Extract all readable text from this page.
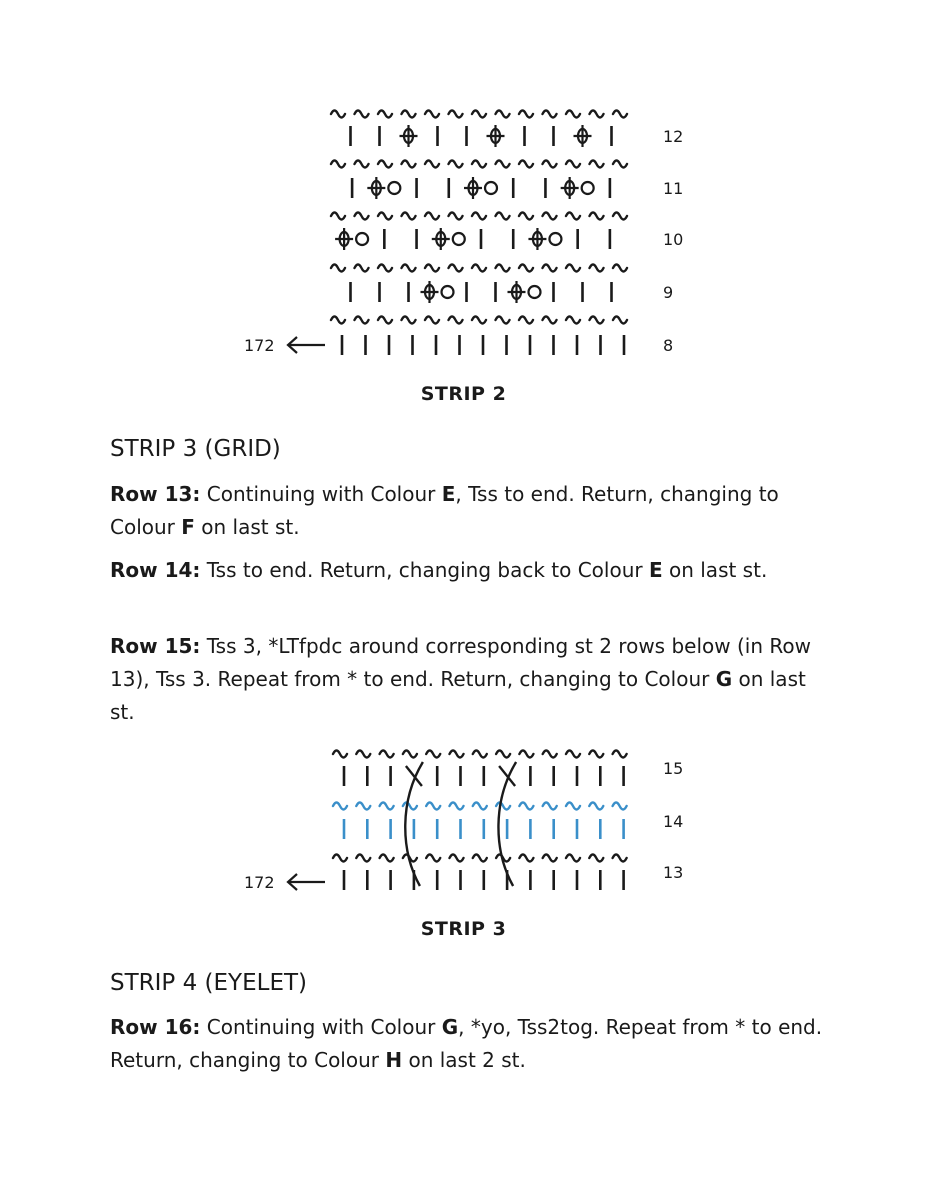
12
11
10
9
8
172
STRIP 2
STRIP 3 (GRID)

Row 13: Continuing with Colour E, Tss to end. Return, changing to Colour F on last st.

Row 14: Tss to end. Return, changing back to Colour E on last st.

Row 15: Tss 3, *LTfpdc around corresponding st 2 rows below (in Row 13), Tss 3. Repeat from * to end. Return, changing to Colour G on last st.

15
14
13
172
STRIP 3
STRIP 4 (EYELET)

Row 16: Continuing with Colour G, *yo, Tss2tog. Repeat from * to end. Return, changing to Colour H on last 2 st.
